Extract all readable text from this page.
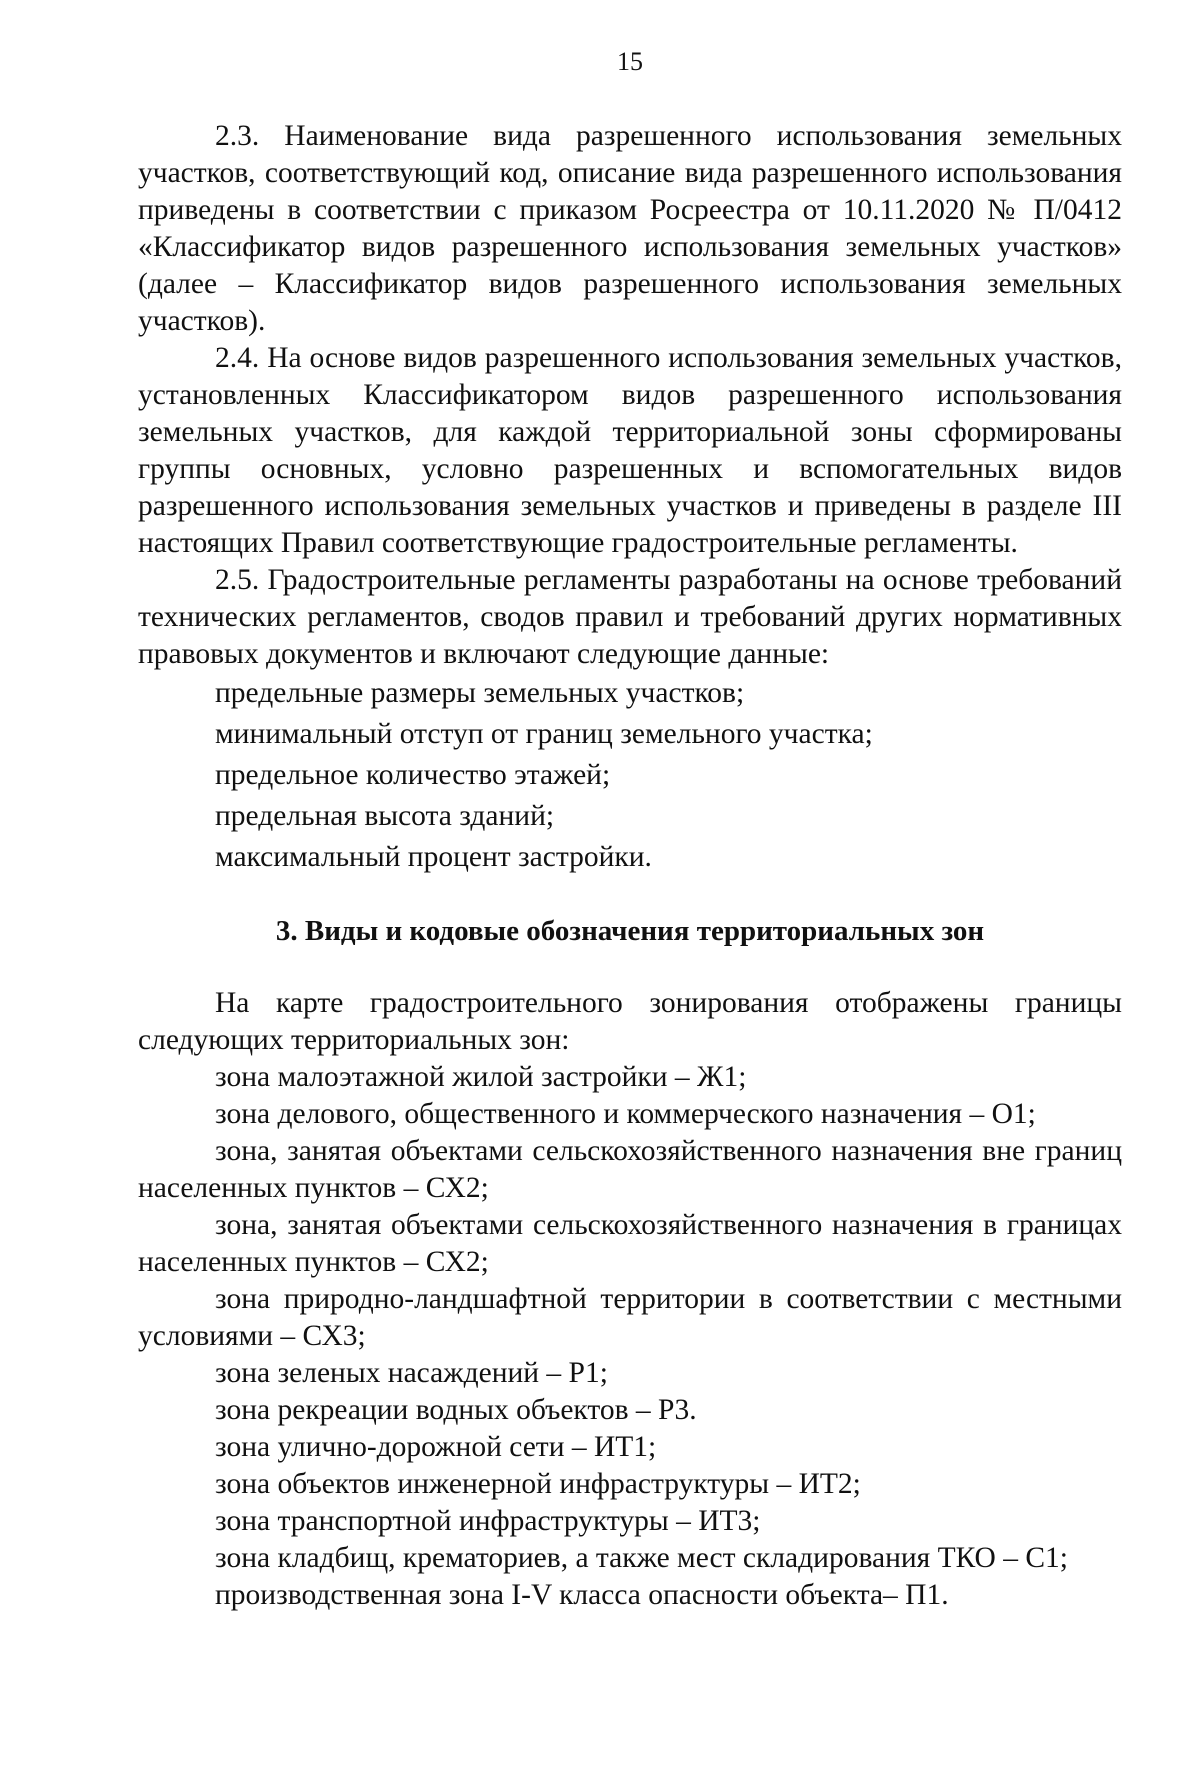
15

2.3. Наименование вида разрешенного использования земельных участков, соответствующий код, описание вида разрешенного использования приведены в соответствии с приказом Росреестра от 10.11.2020 № П/0412 «Классификатор видов разрешенного использования земельных участков» (далее – Классификатор видов разрешенного использования земельных участков).

2.4. На основе видов разрешенного использования земельных участков, установленных Классификатором видов разрешенного использования земельных участков, для каждой территориальной зоны сформированы группы основных, условно разрешенных и вспомогательных видов разрешенного использования земельных участков и приведены в разделе III настоящих Правил соответствующие градостроительные регламенты.

2.5. Градостроительные регламенты разработаны на основе требований технических регламентов, сводов правил и требований других нормативных правовых документов и включают следующие данные:

предельные размеры земельных участков;

минимальный отступ от границ земельного участка;

предельное количество этажей;

предельная высота зданий;

максимальный процент застройки.

3. Виды и кодовые обозначения территориальных зон

На карте градостроительного зонирования отображены границы следующих территориальных зон:

зона малоэтажной жилой застройки – Ж1;

зона делового, общественного и коммерческого назначения – О1;

зона, занятая объектами сельскохозяйственного назначения вне границ населенных пунктов – СХ2;

зона, занятая объектами сельскохозяйственного назначения в границах населенных пунктов – СХ2;

зона природно-ландшафтной территории в соответствии с местными условиями – СХ3;

зона зеленых насаждений – Р1;

зона рекреации водных объектов – Р3.

зона улично-дорожной сети – ИТ1;

зона объектов инженерной инфраструктуры – ИТ2;

зона транспортной инфраструктуры – ИТ3;

зона кладбищ, крематориев, а также мест складирования ТКО – С1;

производственная зона I-V класса опасности объекта– П1.
